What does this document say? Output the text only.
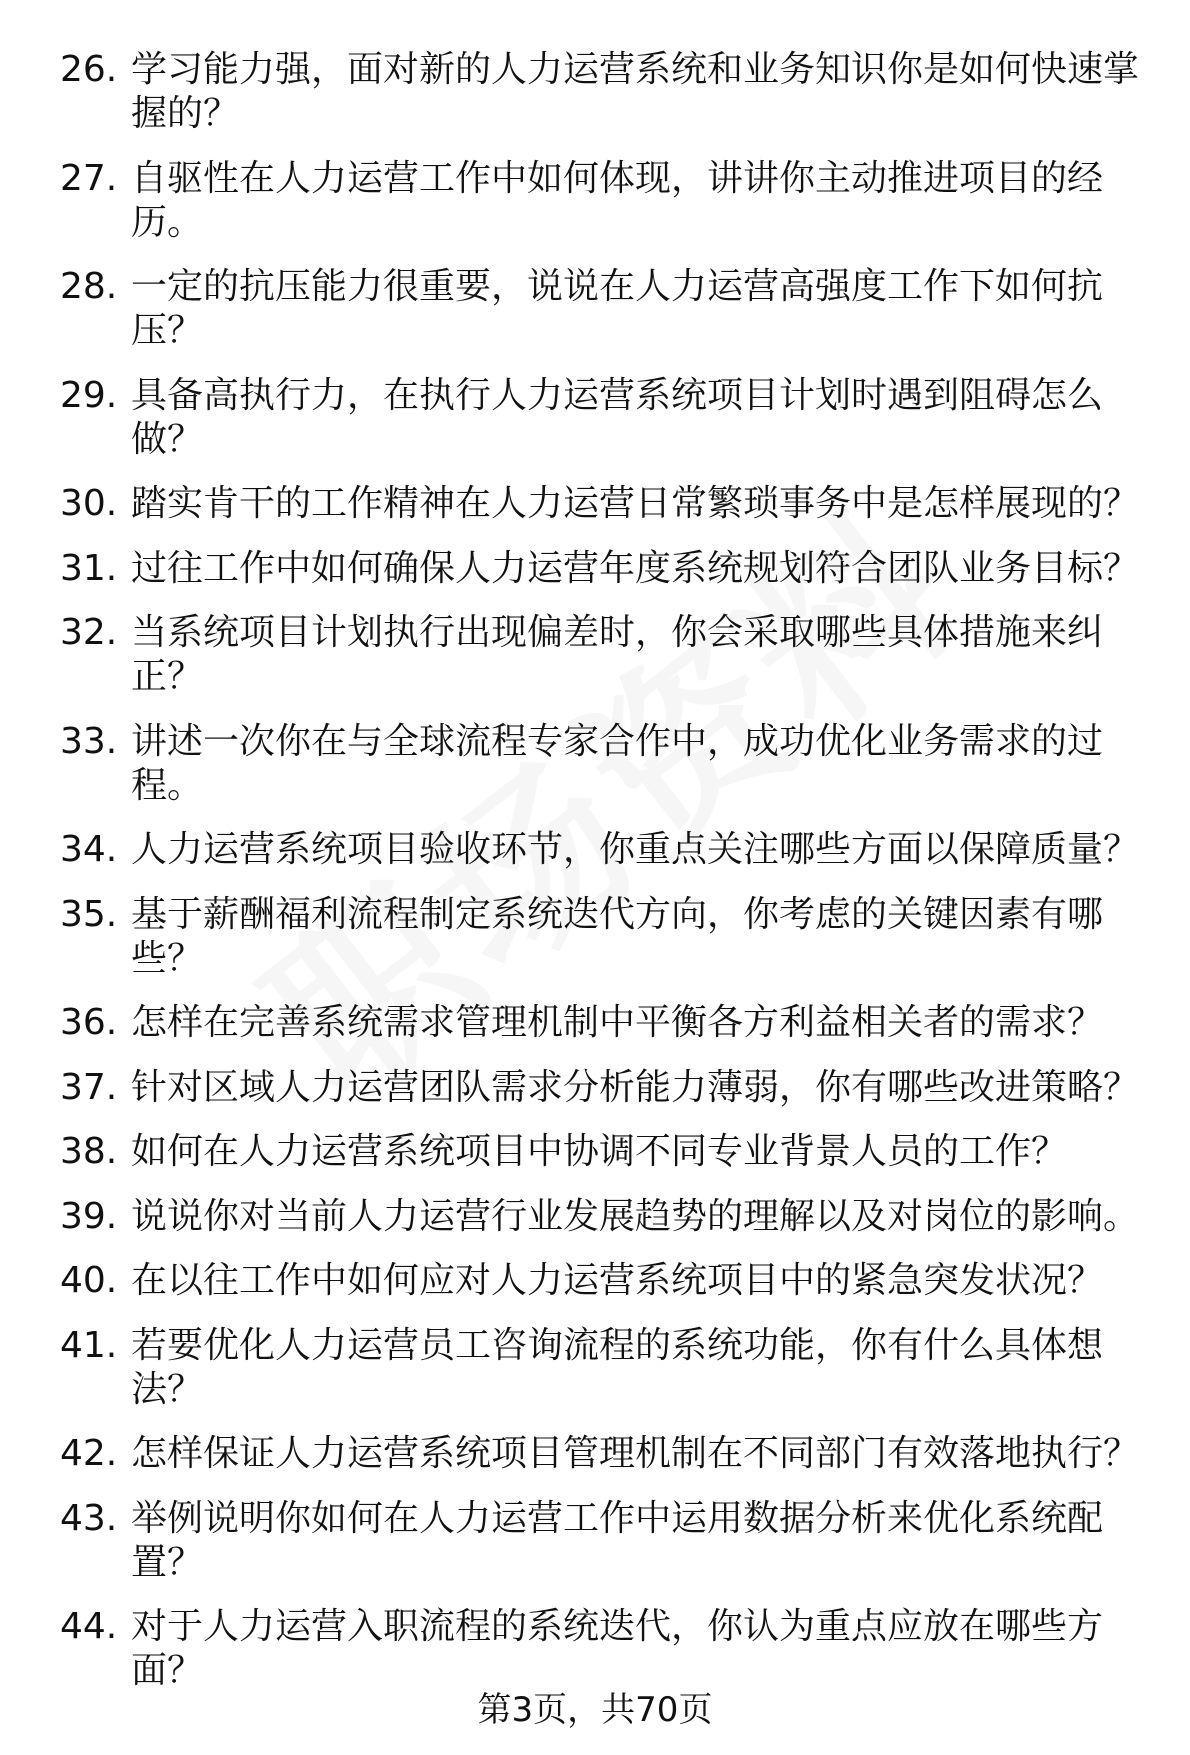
26. 学习能力强，面对新的人力运营系统和业务知识你是如何快速掌握的？
27. 自驱性在人力运营工作中如何体现，讲讲你主动推进项目的经历。
28. 一定的抗压能力很重要，说说在人力运营高强度工作下如何抗压？
29. 具备高执行力，在执行人力运营系统项目计划时遇到阻碍怎么做？
30. 踏实肯干的工作精神在人力运营日常繁琐事务中是怎样展现的？
31. 过往工作中如何确保人力运营年度系统规划符合团队业务目标？
32. 当系统项目计划执行出现偏差时，你会采取哪些具体措施来纠正？
33. 讲述一次你在与全球流程专家合作中，成功优化业务需求的过程。
34. 人力运营系统项目验收环节，你重点关注哪些方面以保障质量？
35. 基于薪酬福利流程制定系统迭代方向，你考虑的关键因素有哪些？
36. 怎样在完善系统需求管理机制中平衡各方利益相关者的需求？
37. 针对区域人力运营团队需求分析能力薄弱，你有哪些改进策略？
38. 如何在人力运营系统项目中协调不同专业背景人员的工作？
39. 说说你对当前人力运营行业发展趋势的理解以及对岗位的影响。
40. 在以往工作中如何应对人力运营系统项目中的紧急突发状况？
41. 若要优化人力运营员工咨询流程的系统功能，你有什么具体想法？
42. 怎样保证人力运营系统项目管理机制在不同部门有效落地执行？
43. 举例说明你如何在人力运营工作中运用数据分析来优化系统配置？
44. 对于人力运营入职流程的系统迭代，你认为重点应放在哪些方面？
第3页，共70页
